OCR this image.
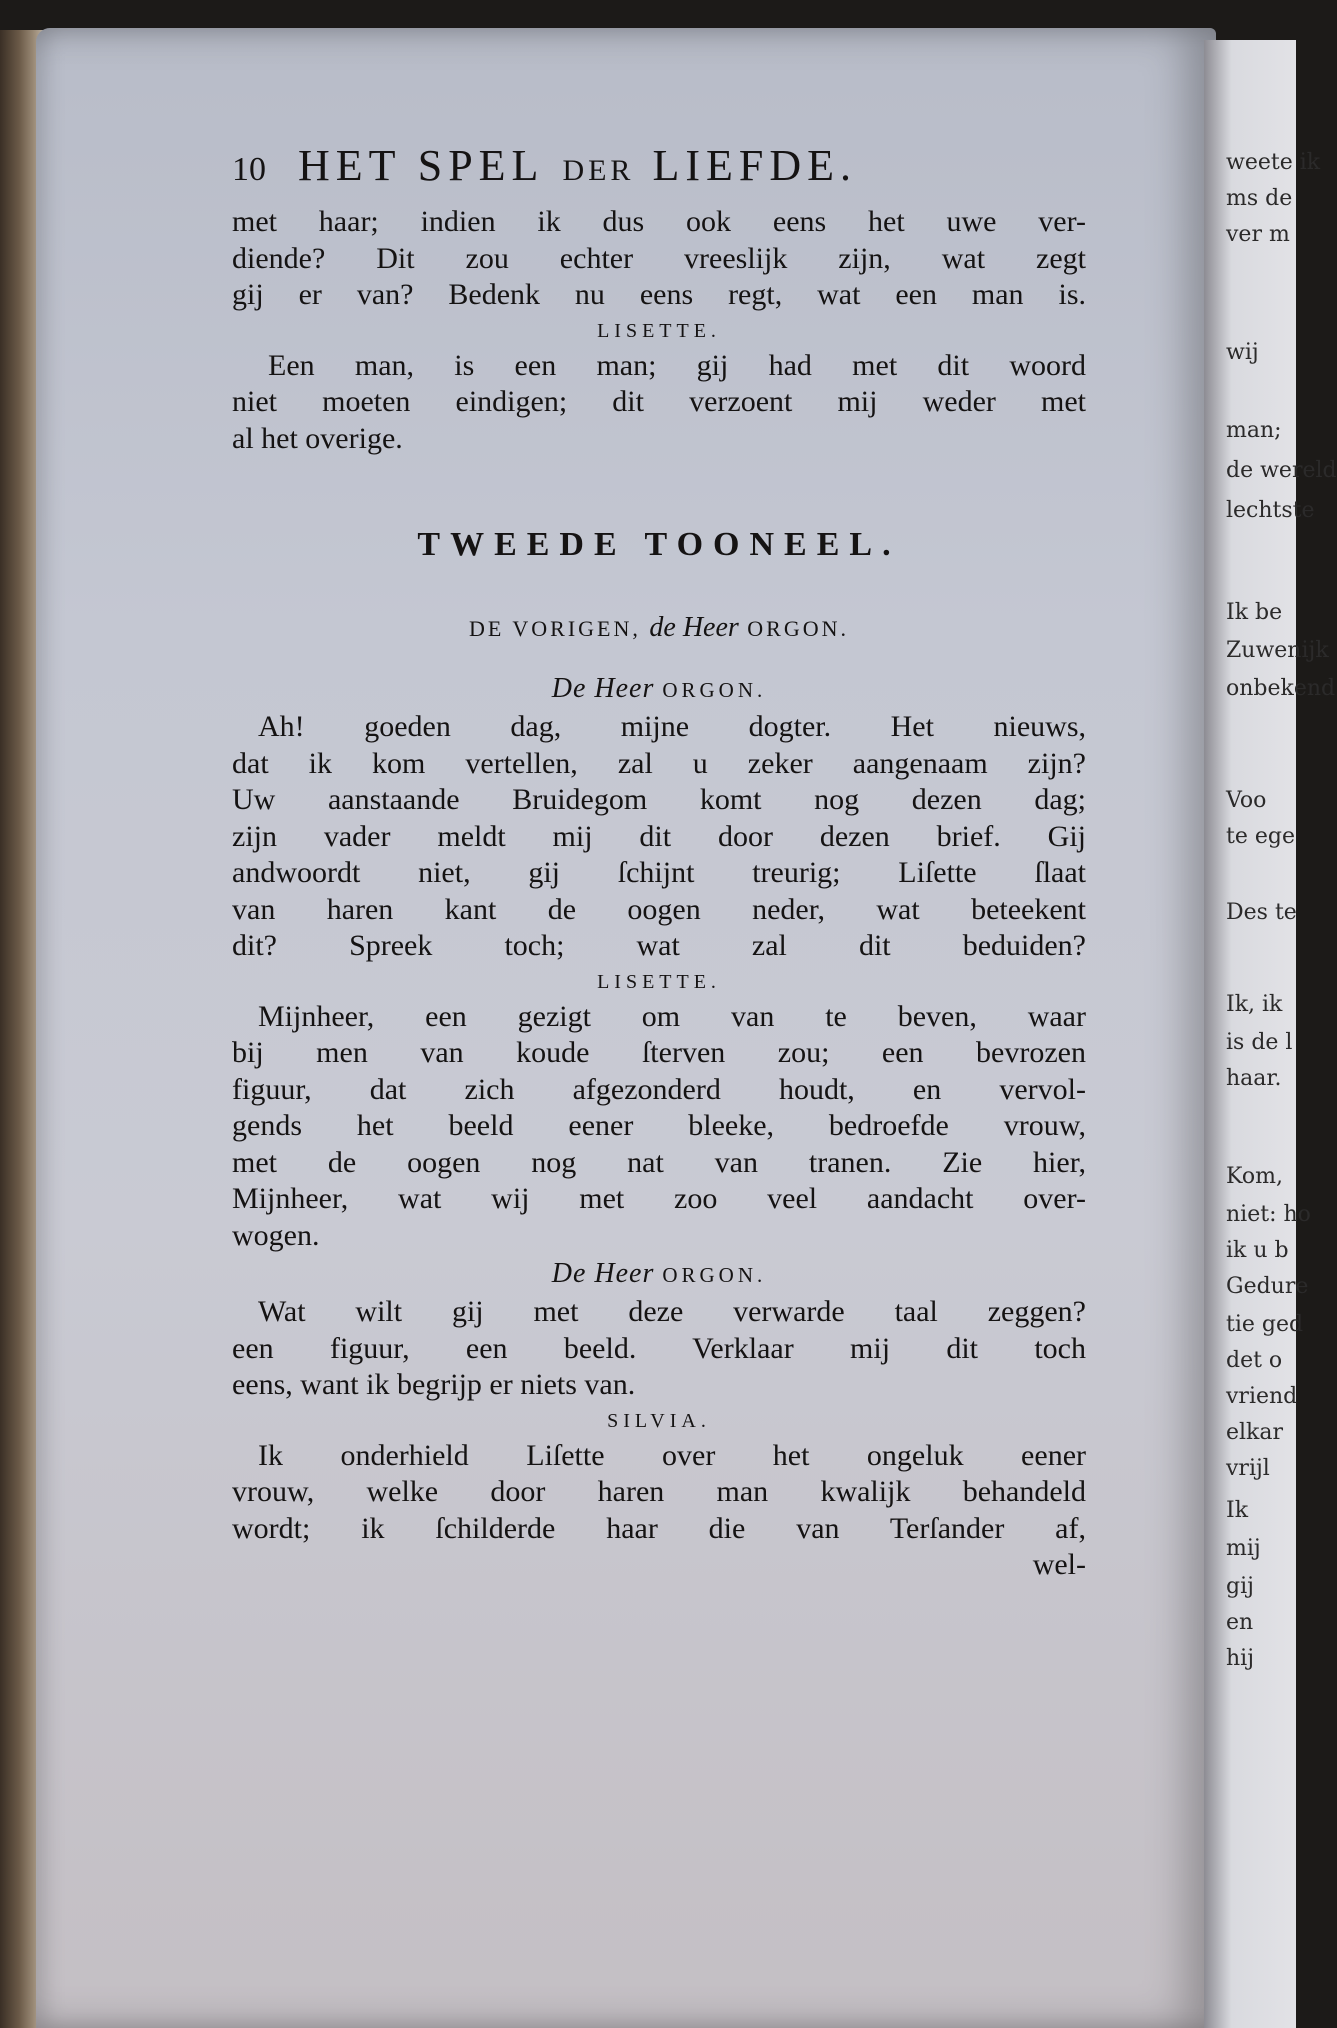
weete ik
ms de
ver m
wij
man;
de wereld
lechtste
Ik be
Zuwenijk
onbekend
Voo
te ege
Des te
Ik, ik
is de l
haar.
Kom,
niet: ho
ik u b
Gedure
tie ged
det o
vriend
elkar
vrijl
Ik
mij
gij
en
hij
10 HET SPEL DER LIEFDE.
met haar; indien ik dus ook eens het uwe ver-
diende? Dit zou echter vreeslijk zijn, wat zegt
gij er van? Bedenk nu eens regt, wat een man is.
LISETTE.
Een man, is een man; gij had met dit woord
niet moeten eindigen; dit verzoent mij weder met
al het overige.
TWEEDE TOONEEL.
DE VORIGEN, de Heer ORGON.
De Heer ORGON.
Ah! goeden dag, mijne dogter. Het nieuws,
dat ik kom vertellen, zal u zeker aangenaam zijn?
Uw aanstaande Bruidegom komt nog dezen dag;
zijn vader meldt mij dit door dezen brief. Gij
andwoordt niet, gij ſchijnt treurig; Liſette ſlaat
van haren kant de oogen neder, wat beteekent
dit? Spreek toch; wat zal dit beduiden?
LISETTE.
Mijnheer, een gezigt om van te beven, waar
bij men van koude ſterven zou; een bevrozen
figuur, dat zich afgezonderd houdt, en vervol-
gends het beeld eener bleeke, bedroefde vrouw,
met de oogen nog nat van tranen. Zie hier,
Mijnheer, wat wij met zoo veel aandacht over-
wogen.
De Heer ORGON.
Wat wilt gij met deze verwarde taal zeggen?
een figuur, een beeld. Verklaar mij dit toch
eens, want ik begrijp er niets van.
SILVIA.
Ik onderhield Liſette over het ongeluk eener
vrouw, welke door haren man kwalijk behandeld
wordt; ik ſchilderde haar die van Terſander af,
wel-
